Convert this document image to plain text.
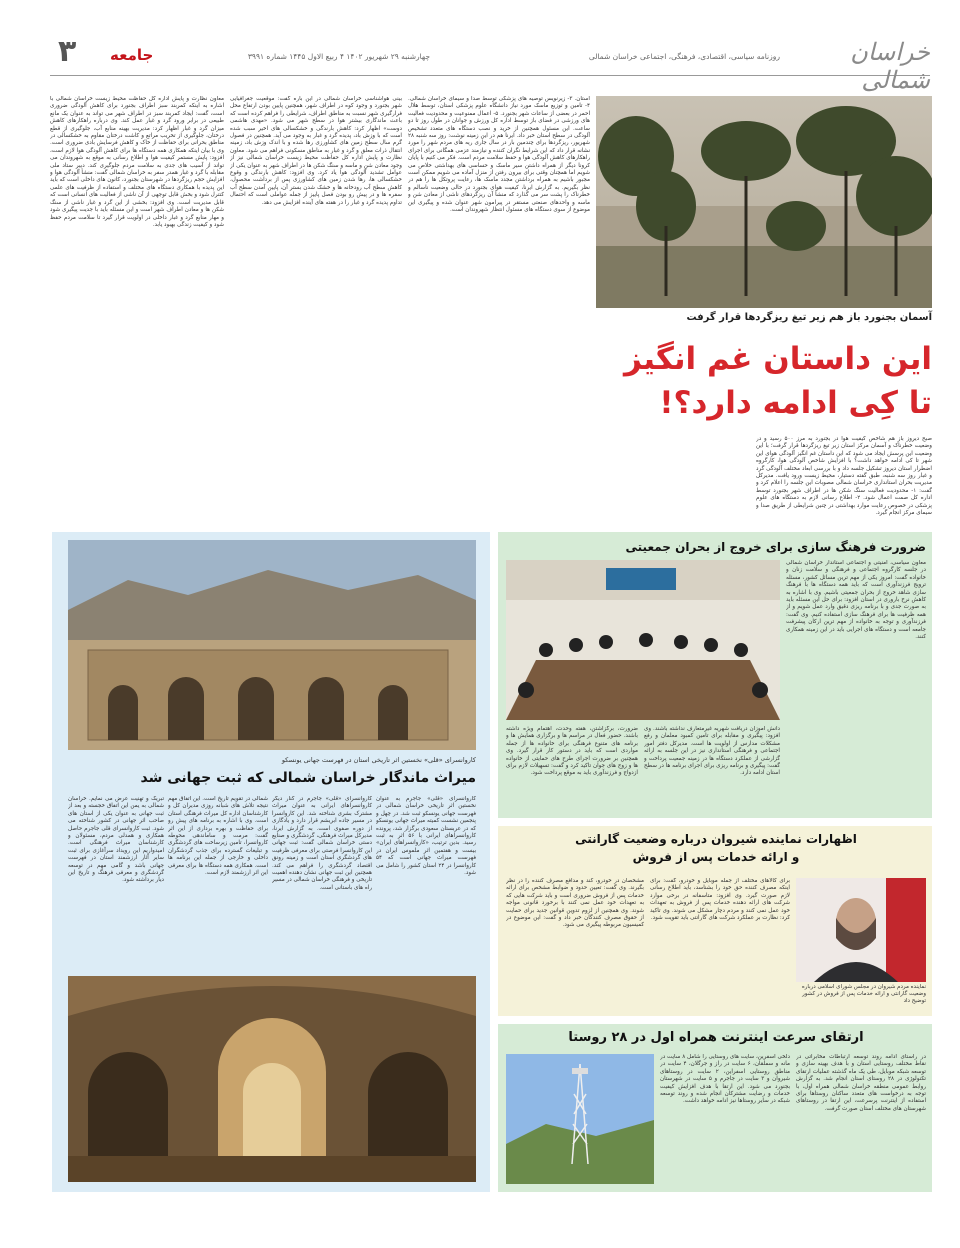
۳ جامعه	چهارشنبه ۲۹ شهریور ۱۴۰۲ ۴ ربیع الاول ۱۴۴۵ شماره ۳۹۹۱	روزنامه سیاسی، اقتصادی، فرهنگی، اجتماعی خراسان شمالی	خراسان شمالی
آسمان بجنورد باز هم زیر تیغ ریزگردها قرار گرفت
این داستان غم انگیز
تا کِی ادامه دارد؟!
صبح دیروز باز هم شاخص کیفیت هوا در بجنورد به مرز ۵۰۰ رسید و در وضعیت خطرناک و آسمان مرکز استان زیر تیغ ریزگردها قرار گرفت؛ با این وضعیت این پرسش ایجاد می شود که این داستان غم انگیز آلودگی هوای این شهر تا کی ادامه خواهد داشت؟ با افزایش شاخص آلودگی هوا، کارگروه اضطرار استان دیروز تشکیل جلسه داد و با بررسی ابعاد مختلف آلودگی گرد و غبار روز سه شنبه، طبق گفته دستیار، محیط زیست ورود یافت. مدیرکل مدیریت بحران استانداری خراسان شمالی مصوبات این جلسه را اعلام کرد و گفت: ۱- محدودیت فعالیت سنگ شکن ها در اطراف شهر بجنورد توسط اداره کل صمت اعمال شود. ۲- اطلاع رسانی لازم به دستگاه های علوم پزشکی در خصوص رعایت موارد بهداشتی در چنین شرایطی از طریق صدا و سیمای مرکز انجام گیرد.
استان. ۳- زیرنویس توصیه های پزشکی توسط صدا و سیمای خراسان شمالی. ۴- تامین و توزیع ماسک مورد نیاز دانشگاه علوم پزشکی استان، توسط هلال احمر در بعضی از ساعات شهر بجنورد. ۵- اعمال ممنوعیت و محدودیت فعالیت های ورزشی در فضای باز توسط اداره کل ورزش و جوانان در طول روز تا دو ساعت. این مسئول همچنین از خرید و نصب دستگاه های متعدد تشخیص آلودگی در سطح استان خبر داد. ایرنا هم در این زمینه نوشت: روز سه شنبه ۲۸ شهریور، ریزگردها برای چندمین بار در سال جاری ریه های مردم شهر را مورد نشانه قرار داد که این شرایط نگران کننده و نیازمند عزمی همگانی برای اجرای راهکارهای کاهش آلودگی هوا و حفظ سلامت مردم است. فکر می کنیم با پایان کرونا دیگر از همراه داشتن سیر ماسک و حساسی های بهداشتی خلاص می شویم اما همچنان وقتی برای بیرون رفتن از منزل آماده می شویم ممکن است مجبور باشیم به همراه برداشتن مجدد ماسک ها، رعایت پروتکل ها را هم در نظر بگیریم. به گزارش ایرنا، کیفیت هوای بجنورد در حالی وضعیت ناسالم و خطرناک را پشت سر می گذارد که منشأ آن ریزگردهای ناشی از معادن شن و ماسه و واحدهای صنعتی مستقر در پیرامون شهر عنوان شده و پیگیری این موضوع از سوی دستگاه های مسئول انتظار شهروندان است.
بینی هواشناسی خراسان شمالی در این باره گفت: موقعیت جغرافیایی شهر بجنورد و وجود کوه در اطراف شهر، همچنین پایین بودن ارتفاع محل فرارگیری شهر نسبت به مناطق اطراف، شرایطی را فراهم کرده است که باعث ماندگاری بیشتر هوا در سطح شهر می شود. «مهدی هاشمی دوست» اظهار کرد: کاهش بارندگی و خشکسالی های اخیر سبب شده است که با وزش باد، پدیده گرد و غبار به وجود می آید. همچنین در فصول گرم سال سطح زمین های کشاورزی رها شده و با اندک وزش باد، زمینه انتقال ذرات معلق و گرد و غبار به مناطق مسکونی فراهم می شود. معاون نظارت و پایش اداره کل حفاظت محیط زیست خراسان شمالی نیز از وجود معادن شن و ماسه و سنگ شکن ها در اطراف شهر به عنوان یکی از عوامل تشدید آلودگی هوا یاد کرد. وی افزود: کاهش بارندگی و وقوع خشکسالی ها، رها شدن زمین های کشاورزی پس از برداشت محصول، کاهش سطح آب رودخانه ها و خشک شدن بستر آن، پایین آمدن سطح آب سفره ها و در پیش رو بودن فصل پاییز از جمله عواملی است که احتمال تداوم پدیده گرد و غبار را در هفته های آینده افزایش می دهد.
معاون نظارت و پایش اداره کل حفاظت محیط زیست خراسان شمالی با اشاره به اینکه کمربند سبز اطراف بجنورد برای کاهش آلودگی ضروری است، گفت: ایجاد کمربند سبز در اطراف شهر می تواند به عنوان یک مانع طبیعی در برابر ورود گرد و غبار عمل کند. وی درباره راهکارهای کاهش میزان گرد و غبار اظهار کرد: مدیریت بهینه منابع آب، جلوگیری از قطع درختان، جلوگیری از تخریب مراتع و کاشت درختان مقاوم به خشکسالی در مناطق بحرانی برای حفاظت از خاک و کاهش فرسایش بادی ضروری است. وی با بیان اینکه همکاری همه دستگاه ها برای کاهش آلودگی هوا لازم است، افزود: پایش مستمر کیفیت هوا و اطلاع رسانی به موقع به شهروندان می تواند از آسیب های جدی به سلامت مردم جلوگیری کند. دبیر ستاد ملی مقابله با گرد و غبار همدر سفر به خراسان شمالی گفت: منشأ آلودگی هوا و افزایش حجم ریزگردها در شهرستان بجنورد، کانون های داخلی است که باید این پدیده با همکاری دستگاه های مختلف و استفاده از ظرفیت های علمی کنترل شود و بخش قابل توجهی از آن ناشی از فعالیت های انسانی است که قابل مدیریت است. وی افزود: بخشی از این گرد و غبار ناشی از سنگ شکن ها و معادن اطراف شهر است و این مسئله باید با جدیت پیگیری شود و مهار منابع گرد و غبار داخلی در اولویت قرار گیرد تا سلامت مردم حفظ شود و کیفیت زندگی بهبود یابد.
کاروانسرای «قلی» نخستین اثر تاریخی استان در فهرست جهانی یونسکو
میراث ماندگار خراسان شمالی که ثبت جهانی شد
کاروانسرای «قلی» جاجرم به عنوان نخستین اثر تاریخی خراسان شمالی در فهرست جهانی یونسکو ثبت شد. در چهل و پنجمین نشست کمیته میراث جهانی یونسکو که در عربستان سعودی برگزار شد، پرونده کاروانسراهای ایرانی با ۵۶ اثر به ثبت رسید. بدین ترتیب، «کاروانسراهای ایران» بیست و هفتمین اثر ملموس ایران در فهرست میراث جهانی است که ۵۴ کاروانسرا در ۲۴ استان کشور را شامل می شود.
کاروانسرای «قلی» جاجرم در کنار دیگر کاروانسراهای ایرانی به عنوان میراث مشترک بشری شناخته شد. این کاروانسرا در مسیر جاده ابریشم قرار دارد و یادگاری از دوره صفوی است. به گزارش ایرنا، مدیرکل میراث فرهنگی، گردشگری و صنایع دستی خراسان شمالی گفت: ثبت جهانی این کاروانسرا فرصتی برای معرفی ظرفیت های گردشگری استان است و زمینه رونق اقتصاد گردشگری را فراهم می کند. همچنین این ثبت جهانی نشان دهنده اهمیت تاریخی و فرهنگی خراسان شمالی در مسیر راه های باستانی است.
شمالی در تقویم تاریخ است. این اتفاق مهم نتیجه تلاش های شبانه روزی مدیران کل و کارشناسان اداره کل میراث فرهنگی استان است. وی با اشاره به برنامه های پیش رو برای حفاظت و بهره برداری از این اثر گفت: مرمت و ساماندهی محوطه کاروانسرا، تامین زیرساخت های گردشگری و تبلیغات گسترده برای جذب گردشگران داخلی و خارجی از جمله این برنامه ها است. همکاری همه دستگاه ها برای معرفی این اثر ارزشمند لازم است.
تبریک و تهنیت عرض می نمایم. خراسان شمالی به یمن این اتفاق خجسته و بعد از ثبت جهانی به عنوان یکی از استان های صاحب اثر جهانی در کشور شناخته می شود. ثبت کاروانسرای قلی جاجرم حاصل همکاری و همدلی مردم، مسئولان و کارشناسان میراث فرهنگی است. امیدواریم این رویداد سرآغازی برای ثبت سایر آثار ارزشمند استان در فهرست جهانی باشد و گامی مهم در توسعه گردشگری و معرفی فرهنگ و تاریخ این دیار برداشته شود.
ضرورت فرهنگ سازی برای خروج از بحران جمعیتی
معاون سیاسی، امنیتی و اجتماعی استاندار خراسان شمالی در جلسه کارگروه اجتماعی و فرهنگی و سلامت زنان و خانواده گفت: امروز یکی از مهم ترین مسائل کشور، مسئله ترویج فرزندآوری است که باید همه دستگاه ها با فرهنگ سازی شاهد خروج از بحران جمعیتی باشیم. وی با اشاره به کاهش نرخ باروری در استان افزود: برای حل این مسئله باید به صورت جدی و با برنامه ریزی دقیق وارد عمل شویم و از همه ظرفیت ها برای فرهنگ سازی استفاده کنیم. وی گفت: فرزندآوری و توجه به خانواده از مهم ترین ارکان پیشرفت جامعه است و دستگاه های اجرایی باید در این زمینه همکاری کنند.
ضرورت، برگزاشتن، هفته وحدت، اهتمام ویژه داشته باشند. حضور فعال در مراسم ها و برگزاری همایش ها و برنامه های متنوع فرهنگی برای خانواده ها از جمله مواردی است که باید در دستور کار قرار گیرد. وی همچنین بر ضرورت اجرای طرح های حمایتی از خانواده ها و زوج های جوان تاکید کرد و گفت: تسهیلات لازم برای ازدواج و فرزندآوری باید به موقع پرداخت شود.
دانش آموزان دریافت شهریه غیرمتعارف نداشته باشند. وی افزود: پیگیری و مقابله برای تامین کمبود معلمان و رفع مشکلات مدارس از اولویت ها است. مدیرکل دفتر امور اجتماعی و فرهنگی استانداری نیز در این جلسه به ارائه گزارشی از عملکرد دستگاه ها در زمینه جمعیت پرداخت و گفت: پیگیری و برنامه ریزی برای اجرای برنامه ها در سطح استان ادامه دارد.
اظهارات نماینده شیروان درباره وضعیت گارانتی
و ارائه خدمات پس از فروش
نماینده مردم شیروان در مجلس شورای اسلامی درباره وضعیت گارانتی و ارائه خدمات پس از فروش در کشور توضیح داد
برای کالاهای مختلف از جمله موبایل و خودرو، گفت: برای اینکه مصرف کننده حق خود را بشناسد، باید اطلاع رسانی لازم صورت گیرد. وی افزود: متاسفانه در برخی موارد شرکت های ارائه دهنده خدمات پس از فروش به تعهدات خود عمل نمی کنند و مردم دچار مشکل می شوند. وی تاکید کرد: نظارت بر عملکرد شرکت های گارانتی باید تقویت شود.
مشخصان در خودرو، کند و مدافع مصرف کننده را در نظر بگیرند. وی گفت: تعیین حدود و ضوابط مشخص برای ارائه خدمات پس از فروش ضروری است و باید شرکت هایی که به تعهدات خود عمل نمی کنند با برخورد قانونی مواجه شوند. وی همچنین از لزوم تدوین قوانین جدید برای حمایت از حقوق مصرف کنندگان خبر داد و گفت: این موضوع در کمیسیون مربوطه پیگیری می شود.
ارتقای سرعت اینترنت همراه اول در ۲۸ روستا
در راستای ادامه روند توسعه ارتباطات مخابراتی در نقاط مختلف روستایی استان و با هدف بهینه سازی و توسعه شبکه موبایل، طی یک ماه گذشته عملیات ارتقای تکنولوژی در ۲۸ روستای استان انجام شد. به گزارش روابط عمومی منطقه خراسان شمالی همراه اول، با توجه به درخواست های متعدد ساکنان روستاها برای استفاده از اینترنت پرسرعت، این ارتقا در روستاهای شهرستان های مختلف استان صورت گرفت.
دلخی اسفرین، سایت های روستایی را شامل ۸ سایت در مانه و سملقان، ۶ سایت در راز و جرگلان، ۴ سایت در مناطق روستایی اسفراین، ۲ سایت در روستاهای شیروان و ۳ سایت در جاجرم و ۵ سایت در شهرستان بجنورد می شود. این ارتقا با هدف افزایش کیفیت خدمات و رضایت مشترکان انجام شده و روند توسعه شبکه در سایر روستاها نیز ادامه خواهد داشت.
